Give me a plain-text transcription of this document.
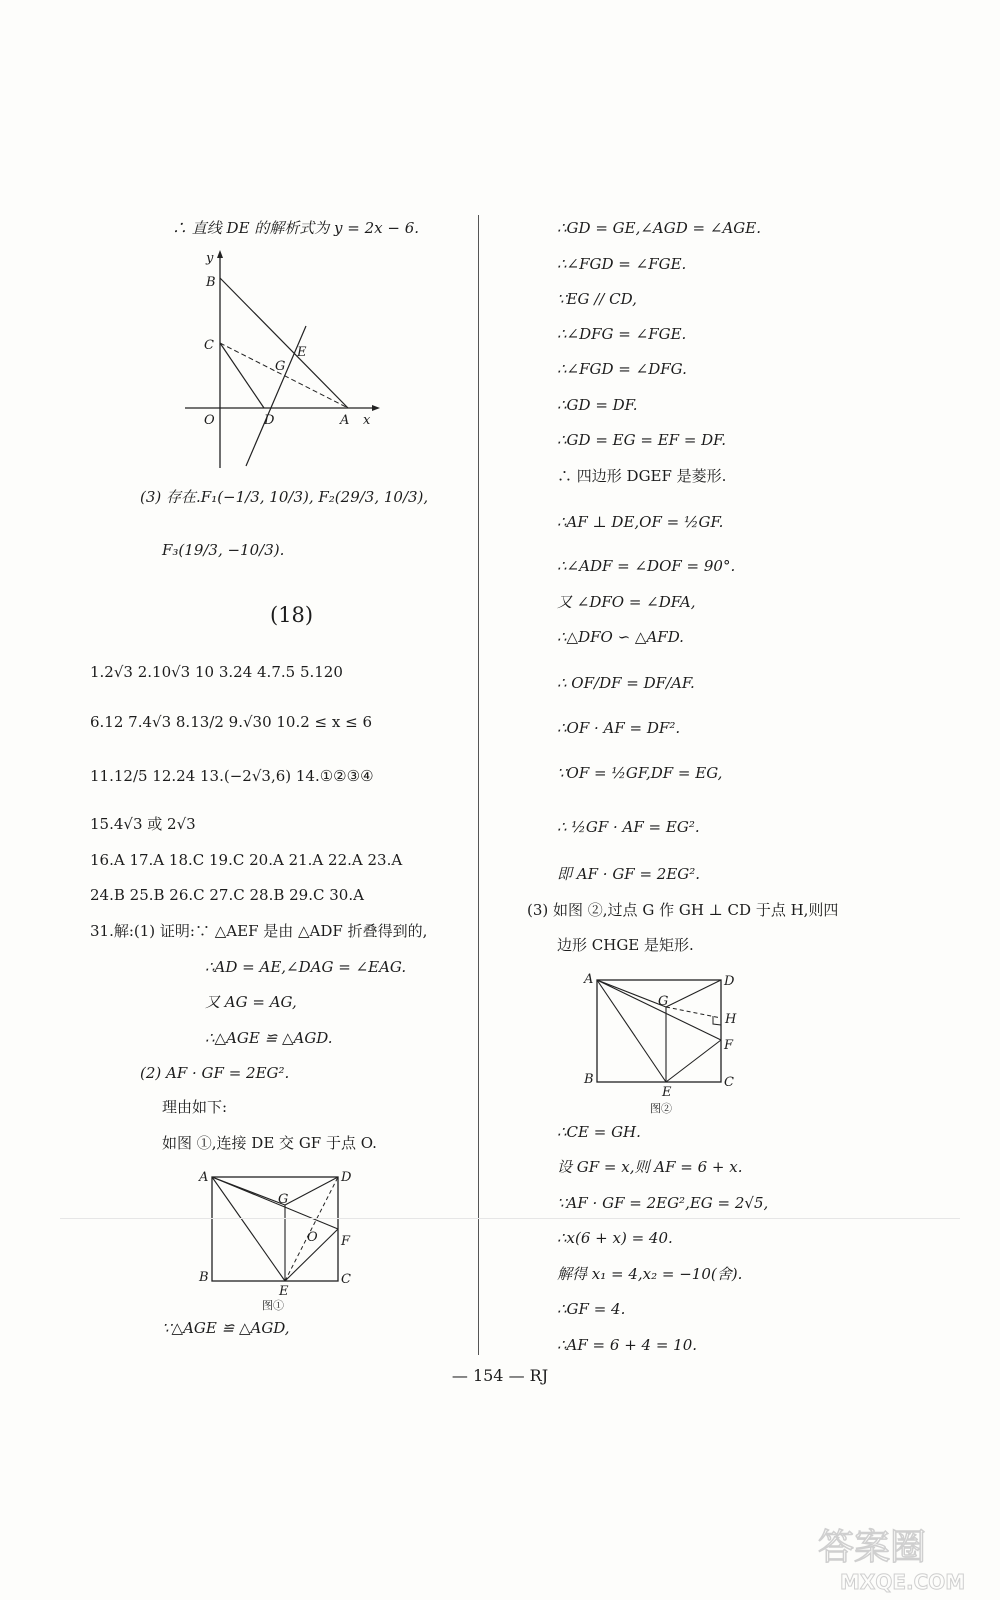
∴ 直线 DE 的解析式为 y = 2x − 6.
y
B
C	E
G
O	D	A x
(3) 存在.F₁(−1/3, 10/3), F₂(29/3, 10/3),
F₃(19/3, −10/3).
(18)
1.2√3 2.10√3 10 3.24 4.7.5 5.120
6.12 7.4√3 8.13/2 9.√30 10.2 ≤ x ≤ 6
11.12/5 12.24 13.(−2√3,6) 14.①②③④
15.4√3 或 2√3
16.A 17.A 18.C 19.C 20.A 21.A 22.A 23.A
24.B 25.B 26.C 27.C 28.B 29.C 30.A
31.解:(1) 证明:∵ △AEF 是由 △ADF 折叠得到的,
∴AD = AE,∠DAG = ∠EAG.
又 AG = AG,
∴△AGE ≌ △AGD.
(2) AF · GF = 2EG².
理由如下:
如图 ①,连接 DE 交 GF 于点 O.
A	D
G
O F
B
E
C
图①
∵△AGE ≌ △AGD,
∴GD = GE,∠AGD = ∠AGE.
∴∠FGD = ∠FGE.
∵EG // CD,
∴∠DFG = ∠FGE.
∴∠FGD = ∠DFG.
∴GD = DF.
∴GD = EG = EF = DF.
∴ 四边形 DGEF 是菱形.
∴AF ⊥ DE,OF = ½GF.
∴∠ADF = ∠DOF = 90°.
又 ∠DFO = ∠DFA,
∴△DFO ∽ △AFD.
∴ OF/DF = DF/AF.
∴OF · AF = DF².
∵OF = ½GF,DF = EG,
∴ ½GF · AF = EG².
即 AF · GF = 2EG².
(3) 如图 ②,过点 G 作 GH ⊥ CD 于点 H,则四
边形 CHGE 是矩形.
A	D
G
H
F
B
E
C
图②
∴CE = GH.
设 GF = x,则 AF = 6 + x.
∵AF · GF = 2EG²,EG = 2√5,
∴x(6 + x) = 40.
解得 x₁ = 4,x₂ = −10(舍).
∴GF = 4.
∴AF = 6 + 4 = 10.
— 154 — RJ
答案圈
MXQE.COM
